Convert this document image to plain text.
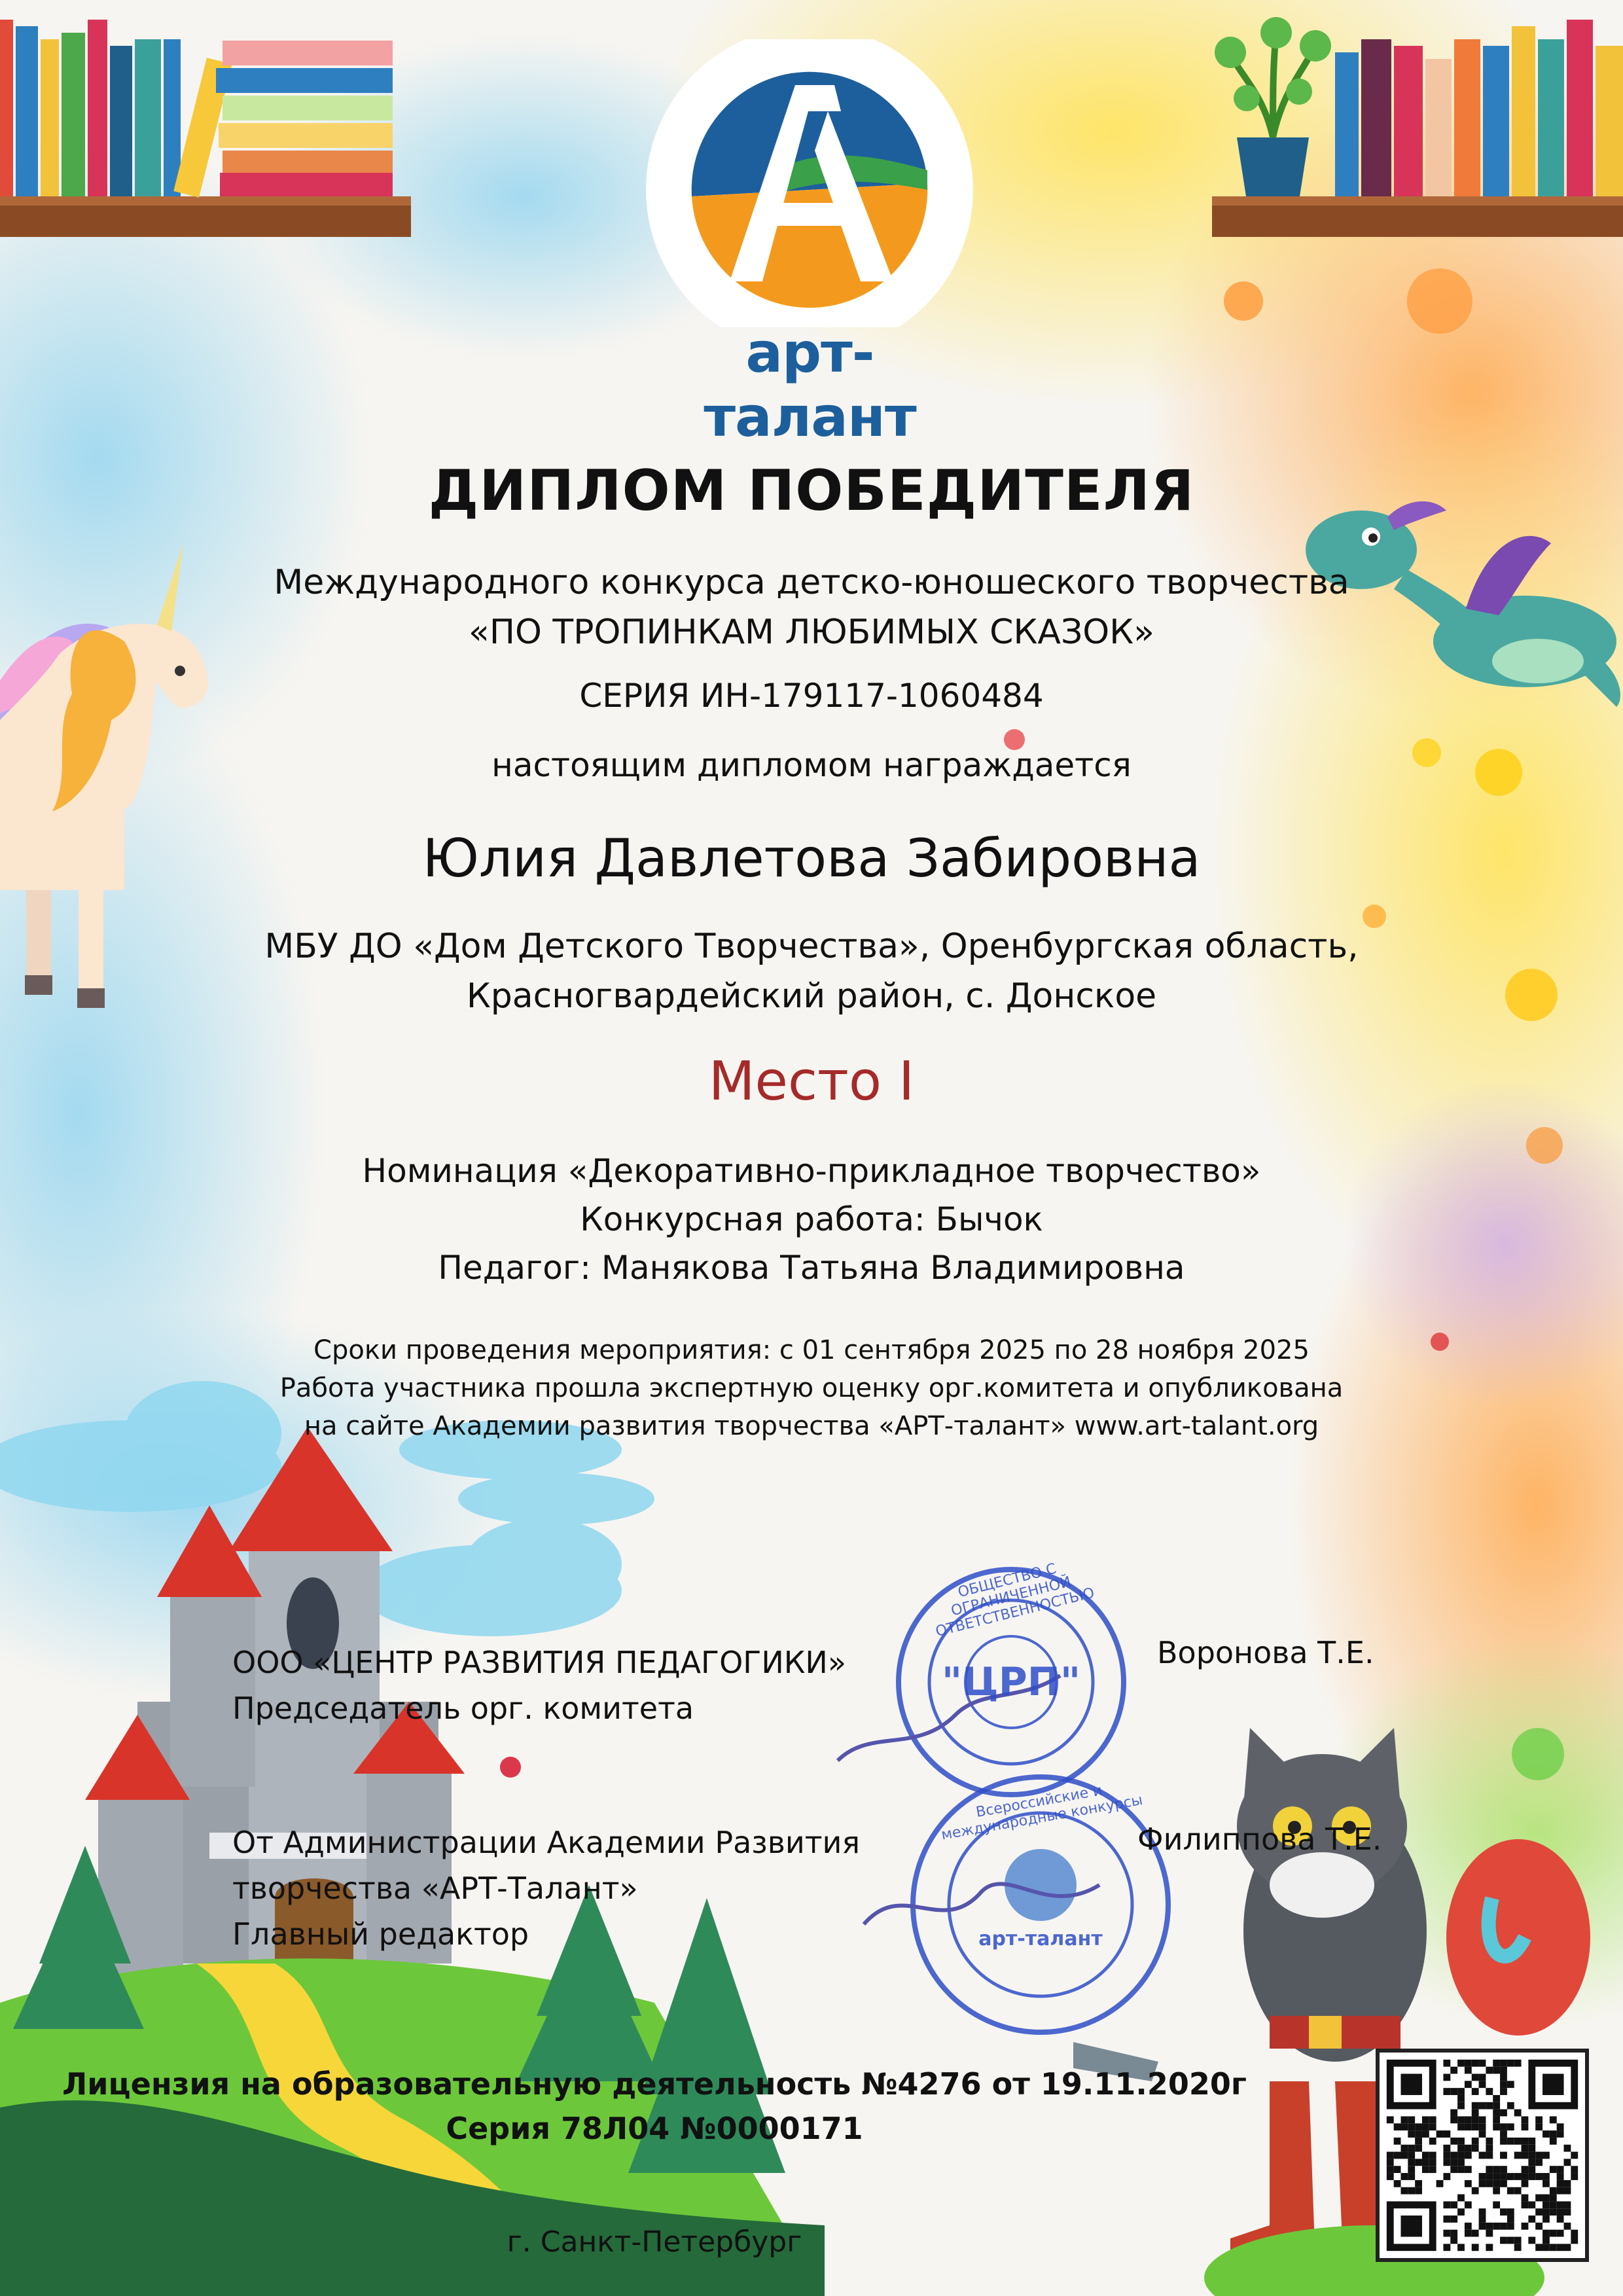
арт-талант
ДИПЛОМ ПОБЕДИТЕЛЯ
Международного конкурса детско-юношеского творчества
«ПО ТРОПИНКАМ ЛЮБИМЫХ СКАЗОК»
СЕРИЯ ИН-179117-1060484
настоящим дипломом награждается
Юлия Давлетова Забировна
МБУ ДО «Дом Детского Творчества», Оренбургская область,
Красногвардейский район, с. Донское
Место I
Номинация «Декоративно-прикладное творчество»
Конкурсная работа: Бычок
Педагог: Манякова Татьяна Владимировна
Сроки проведения мероприятия: с 01 сентября 2025 по 28 ноября 2025
Работа участника прошла экспертную оценку орг.комитета и опубликована
на сайте Академии развития творчества «АРТ-талант» www.art-talant.org
"ЦРП"
ОБЩЕСТВО С ОГРАНИЧЕННОЙ ОТВЕТСТВЕННОСТЬЮ
арт-талант
Всероссийские и международные конкурсы
ООО «ЦЕНТР РАЗВИТИЯ ПЕДАГОГИКИ»
Председатель орг. комитета
Воронова Т.Е.
От Администрации Академии Развития
творчества «АРТ-Талант»
Главный редактор
Филиппова Т.Е.
Лицензия на образовательную деятельность №4276 от 19.11.2020г
Серия 78Л04 №0000171
г. Санкт-Петербург
